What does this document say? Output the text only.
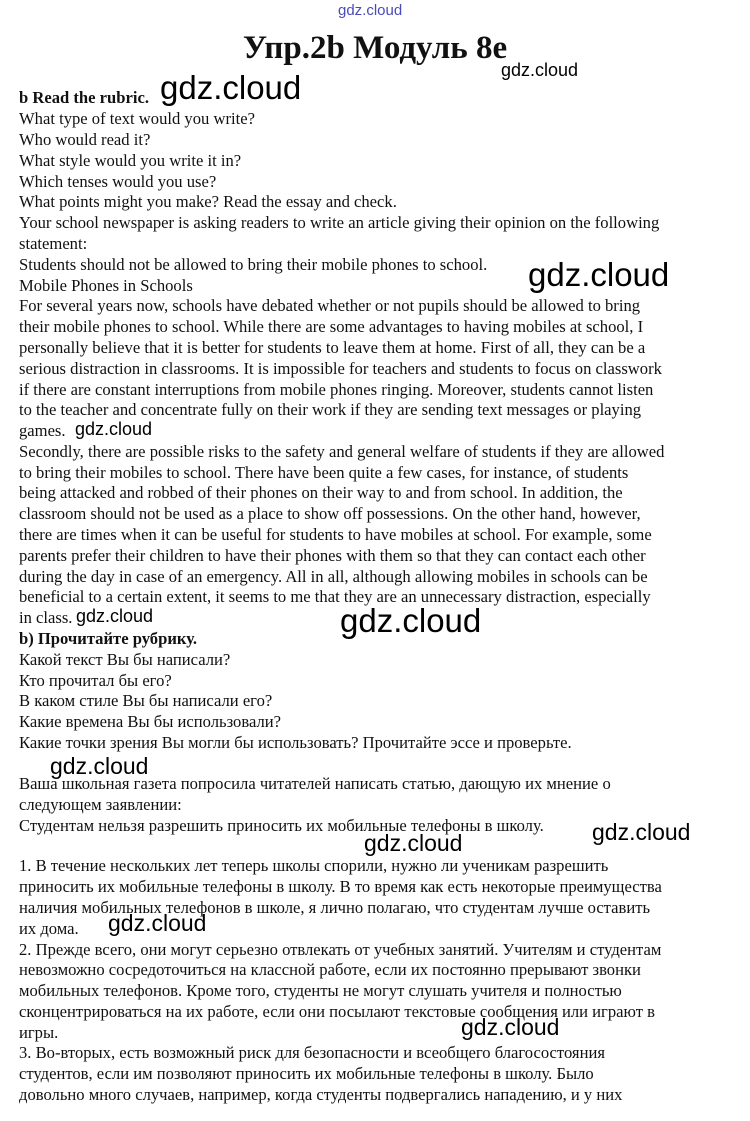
gdz.cloud
Упр.2b Модуль 8e
gdz.cloud
b Read the rubric. gdz.cloud
What type of text would you write?
Who would read it?
What style would you write it in?
Which tenses would you use?
What points might you make? Read the essay and check.
Your school newspaper is asking readers to write an article giving their opinion on the following
statement:
Students should not be allowed to bring their mobile phones to school.	gdz.cloud
Mobile Phones in Schools
For several years now, schools have debated whether or not pupils should be allowed to bring
their mobile phones to school. While there are some advantages to having mobiles at school, I
personally believe that it is better for students to leave them at home. First of all, they can be a
serious distraction in classrooms. It is impossible for teachers and students to focus on classwork
if there are constant interruptions from mobile phones ringing. Moreover, students cannot listen
to the teacher and concentrate fully on their work if they are sending text messages or playing
games. gdz.cloud
Secondly, there are possible risks to the safety and general welfare of students if they are allowed
to bring their mobiles to school. There have been quite a few cases, for instance, of students
being attacked and robbed of their phones on their way to and from school. In addition, the
classroom should not be used as a place to show off possessions. On the other hand, however,
there are times when it can be useful for students to have mobiles at school. For example, some
parents prefer their children to have their phones with them so that they can contact each other
during the day in case of an emergency. All in all, although allowing mobiles in schools can be
beneficial to a certain extent, it seems to me that they are an unnecessary distraction, especially
in class. gdz.cloud	gdz.cloud
b) Прочитайте рубрику.
Какой текст Вы бы написали?
Кто прочитал бы его?
В каком стиле Вы бы написали его?
Какие времена Вы бы использовали?
Какие точки зрения Вы могли бы использовать? Прочитайте эссе и проверьте.
gdz.cloud
Ваша школьная газета попросила читателей написать статью, дающую их мнение о
следующем заявлении:
Студентам нельзя разрешить приносить их мобильные телефоны в школу.	gdz.cloud
gdz.cloud
1. В течение нескольких лет теперь школы спорили, нужно ли ученикам разрешить
приносить их мобильные телефоны в школу. В то время как есть некоторые преимущества
наличия мобильных телефонов в школе, я лично полагаю, что студентам лучше оставить
их дома.	gdz.cloud
2. Прежде всего, они могут серьезно отвлекать от учебных занятий. Учителям и студентам
невозможно сосредоточиться на классной работе, если их постоянно прерывают звонки
мобильных телефонов. Кроме того, студенты не могут слушать учителя и полностью
сконцентрироваться на их работе, если они посылают текстовые сообщения или играют в
gdz.cloud
игры.
3. Во-вторых, есть возможный риск для безопасности и всеобщего благосостояния
студентов, если им позволяют приносить их мобильные телефоны в школу. Было
довольно много случаев, например, когда студенты подвергались нападению, и у них
